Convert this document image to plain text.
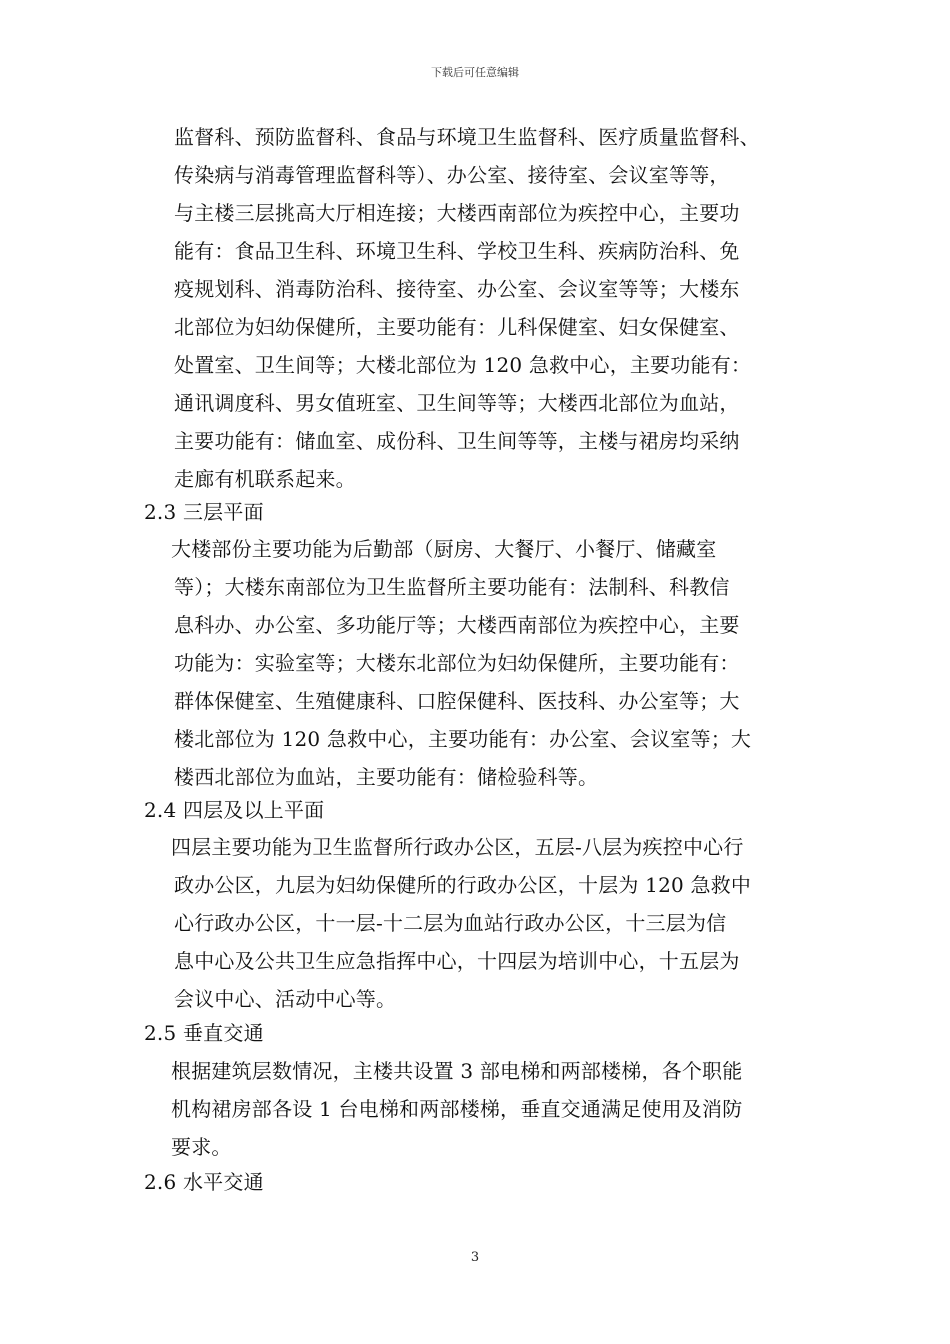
下载后可任意编辑
监督科、预防监督科、食品与环境卫生监督科、医疗质量监督科、
传染病与消毒管理监督科等）、办公室、接待室、会议室等等，
与主楼三层挑高大厅相连接；大楼西南部位为疾控中心，主要功
能有：食品卫生科、环境卫生科、学校卫生科、疾病防治科、免
疫规划科、消毒防治科、接待室、办公室、会议室等等；大楼东
北部位为妇幼保健所，主要功能有：儿科保健室、妇女保健室、
处置室、卫生间等；大楼北部位为 120 急救中心，主要功能有：
通讯调度科、男女值班室、卫生间等等；大楼西北部位为血站，
主要功能有：储血室、成份科、卫生间等等，主楼与裙房均采纳
走廊有机联系起来。
2.3 三层平面
大楼部份主要功能为后勤部（厨房、大餐厅、小餐厅、储藏室
等）；大楼东南部位为卫生监督所主要功能有：法制科、科教信
息科办、办公室、多功能厅等；大楼西南部位为疾控中心，主要
功能为：实验室等；大楼东北部位为妇幼保健所，主要功能有：
群体保健室、生殖健康科、口腔保健科、医技科、办公室等；大
楼北部位为 120 急救中心，主要功能有：办公室、会议室等；大
楼西北部位为血站，主要功能有：储检验科等。
2.4 四层及以上平面
四层主要功能为卫生监督所行政办公区，五层-八层为疾控中心行
政办公区，九层为妇幼保健所的行政办公区，十层为 120 急救中
心行政办公区，十一层-十二层为血站行政办公区，十三层为信
息中心及公共卫生应急指挥中心，十四层为培训中心，十五层为
会议中心、活动中心等。
2.5 垂直交通
根据建筑层数情况，主楼共设置 3 部电梯和两部楼梯，各个职能
机构裙房部各设 1 台电梯和两部楼梯，垂直交通满足使用及消防
要求。
2.6 水平交通
3
